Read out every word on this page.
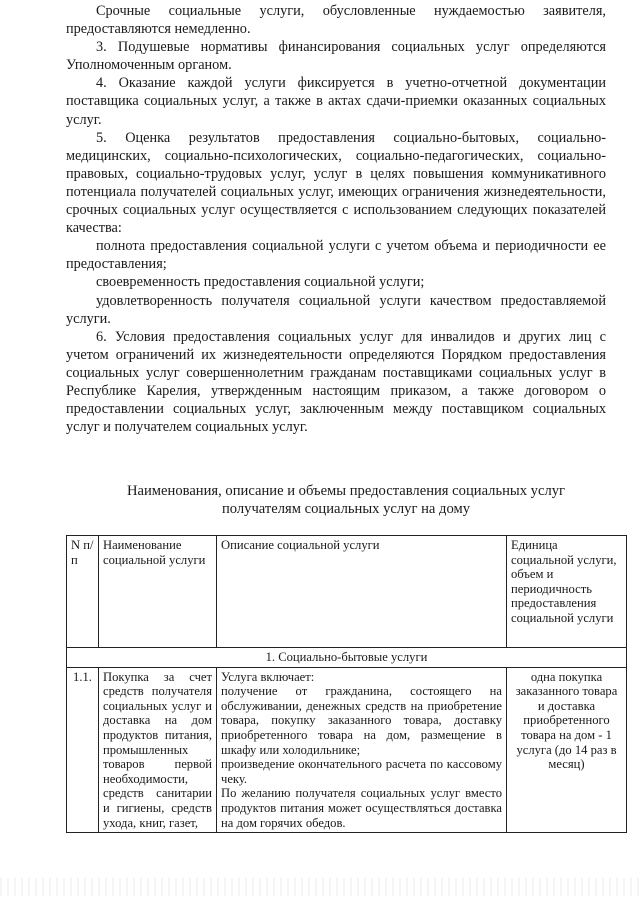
Срочные социальные услуги, обусловленные нуждаемостью заявителя, предоставляются немедленно.

3. Подушевые нормативы финансирования социальных услуг определяются Уполномоченным органом.

4. Оказание каждой услуги фиксируется в учетно-отчетной документации поставщика социальных услуг, а также в актах сдачи-приемки оказанных социальных услуг.

5. Оценка результатов предоставления социально-бытовых, социально-медицинских, социально-психологических, социально-педагогических, социально-правовых, социально-трудовых услуг, услуг в целях повышения коммуникативного потенциала получателей социальных услуг, имеющих ограничения жизнедеятельности, срочных социальных услуг осуществляется с использованием следующих показателей качества:

полнота предоставления социальной услуги с учетом объема и периодичности ее предоставления;

своевременность предоставления социальной услуги;

удовлетворенность получателя социальной услуги качеством предоставляемой услуги.

6. Условия предоставления социальных услуг для инвалидов и других лиц с учетом ограничений их жизнедеятельности определяются Порядком предоставления социальных услуг совершеннолетним гражданам поставщиками социальных услуг в Республике Карелия, утвержденным настоящим приказом, а также договором о предоставлении социальных услуг, заключенным между поставщиком социальных услуг и получателем социальных услуг.

Наименования, описание и объемы предоставления социальных услуг
получателям социальных услуг на дому
N п/п	Наименование социальной услуги	Описание социальной услуги	Единица социальной услуги, объем и периодичность предоставления социальной услуги
1. Социально-бытовые услуги			
1.1.	Покупка за счет средств получателя социальных услуг и доставка на дом продуктов питания, промышленных товаров первой необходимости, средств санитарии и гигиены, средств ухода, книг, газет,	Услуга включает:
получение от гражданина, состоящего на обслуживании, денежных средств на приобретение товара, покупку заказанного товара, доставку приобретенного товара на дом, размещение в шкафу или холодильнике;
произведение окончательного расчета по кассовому чеку.
По желанию получателя социальных услуг вместо продуктов питания может осуществляться доставка на дом горячих обедов.	одна покупка заказанного товара и доставка приобретенного товара на дом - 1 услуга (до 14 раз в месяц)
